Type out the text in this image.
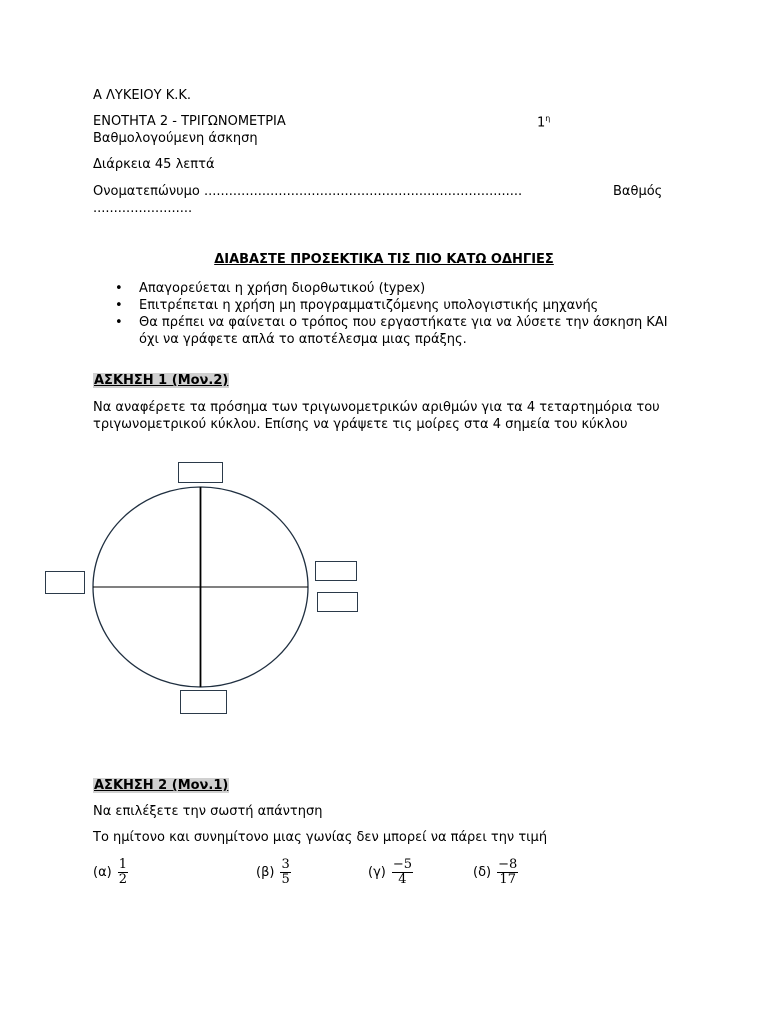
Α ΛΥΚΕΙΟΥ Κ.Κ.
ΕΝΟΤΗΤΑ 2 - ΤΡΙΓΩΝΟΜΕΤΡΙΑ	$1^\eta$
Βαθμολογούμενη άσκηση
Διάρκεια 45 λεπτά
Ονοματεπώνυμο .............................................................................	Βαθμός
........................
ΔΙΑΒΑΣΤΕ ΠΡΟΣΕΚΤΙΚΑ ΤΙΣ ΠΙΟ ΚΑΤΩ ΟΔΗΓΙΕΣ
• Απαγορεύεται η χρήση διορθωτικού (typex)
• Επιτρέπεται η χρήση μη προγραμματιζόμενης υπολογιστικής μηχανής
• Θα πρέπει να φαίνεται ο τρόπος που εργαστήκατε για να λύσετε την άσκηση ΚΑΙ όχι να γράφετε απλά το αποτέλεσμα μιας πράξης.
ΑΣΚΗΣΗ 1 (Μον.2)
Να αναφέρετε τα πρόσημα των τριγωνομετρικών αριθμών για τα 4 τεταρτημόρια του τριγωνομετρικού κύκλου. Επίσης να γράψετε τις μοίρες στα 4 σημεία του κύκλου
ΑΣΚΗΣΗ 2 (Μον.1)
Να επιλέξετε την σωστή απάντηση
Το ημίτονο και συνημίτονο μιας γωνίας δεν μπορεί να πάρει την τιμή
$(\alpha) \frac{1}{2}$	$(\beta) \frac{3}{5}$	$(\gamma) \frac{-5}{4}$	$(\delta) \frac{-8}{17}$
